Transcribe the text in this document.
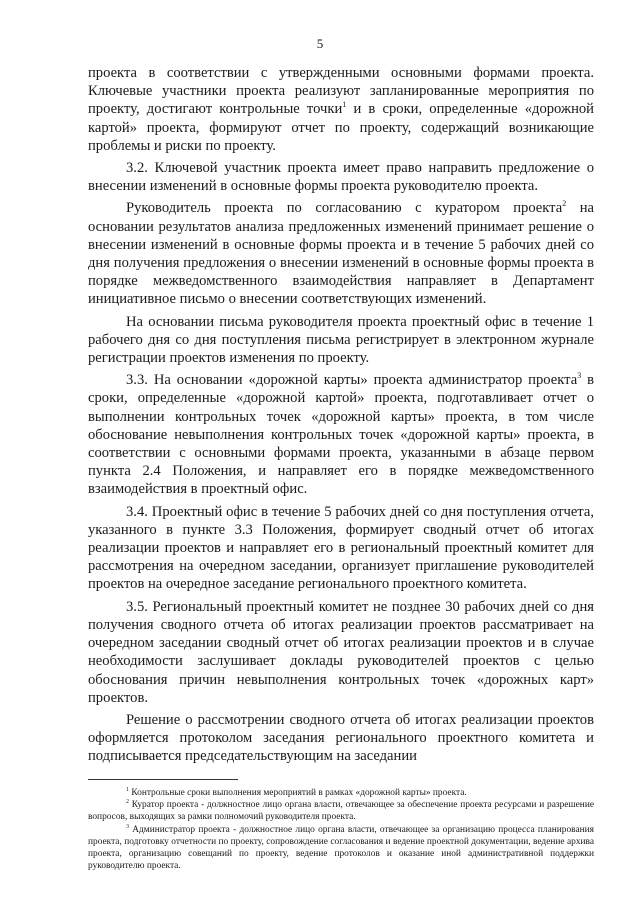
5

проекта в соответствии с утвержденными основными формами проекта. Ключевые участники проекта реализуют запланированные мероприятия по проекту, достигают контрольные точки$^1$ и в сроки, определенные «дорожной картой» проекта, формируют отчет по проекту, содержащий возникающие проблемы и риски по проекту.

3.2. Ключевой участник проекта имеет право направить предложение о внесении изменений в основные формы проекта руководителю проекта.

Руководитель проекта по согласованию с куратором проекта$^2$ на основании результатов анализа предложенных изменений принимает решение о внесении изменений в основные формы проекта и в течение 5 рабочих дней со дня получения предложения о внесении изменений в основные формы проекта в порядке межведомственного взаимодействия направляет в Департамент инициативное письмо о внесении соответствующих изменений.

На основании письма руководителя проекта проектный офис в течение 1 рабочего дня со дня поступления письма регистрирует в электронном журнале регистрации проектов изменения по проекту.

3.3. На основании «дорожной карты» проекта администратор проекта$^3$ в сроки, определенные «дорожной картой» проекта, подготавливает отчет о выполнении контрольных точек «дорожной карты» проекта, в том числе обоснование невыполнения контрольных точек «дорожной карты» проекта, в соответствии с основными формами проекта, указанными в абзаце первом пункта 2.4 Положения, и направляет его в порядке межведомственного взаимодействия в проектный офис.

3.4. Проектный офис в течение 5 рабочих дней со дня поступления отчета, указанного в пункте 3.3 Положения, формирует сводный отчет об итогах реализации проектов и направляет его в региональный проектный комитет для рассмотрения на очередном заседании, организует приглашение руководителей проектов на очередное заседание регионального проектного комитета.

3.5. Региональный проектный комитет не позднее 30 рабочих дней со дня получения сводного отчета об итогах реализации проектов рассматривает на очередном заседании сводный отчет об итогах реализации проектов и в случае необходимости заслушивает доклады руководителей проектов с целью обоснования причин невыполнения контрольных точек «дорожных карт» проектов.

Решение о рассмотрении сводного отчета об итогах реализации проектов оформляется протоколом заседания регионального проектного комитета и подписывается председательствующим на заседании

$^1$ Контрольные сроки выполнения мероприятий в рамках «дорожной карты» проекта.

$^2$ Куратор проекта - должностное лицо органа власти, отвечающее за обеспечение проекта ресурсами и разрешение вопросов, выходящих за рамки полномочий руководителя проекта.

$^3$ Администратор проекта - должностное лицо органа власти, отвечающее за организацию процесса планирования проекта, подготовку отчетности по проекту, сопровождение согласования и ведение проектной документации, ведение архива проекта, организацию совещаний по проекту, ведение протоколов и оказание иной административной поддержки руководителю проекта.
